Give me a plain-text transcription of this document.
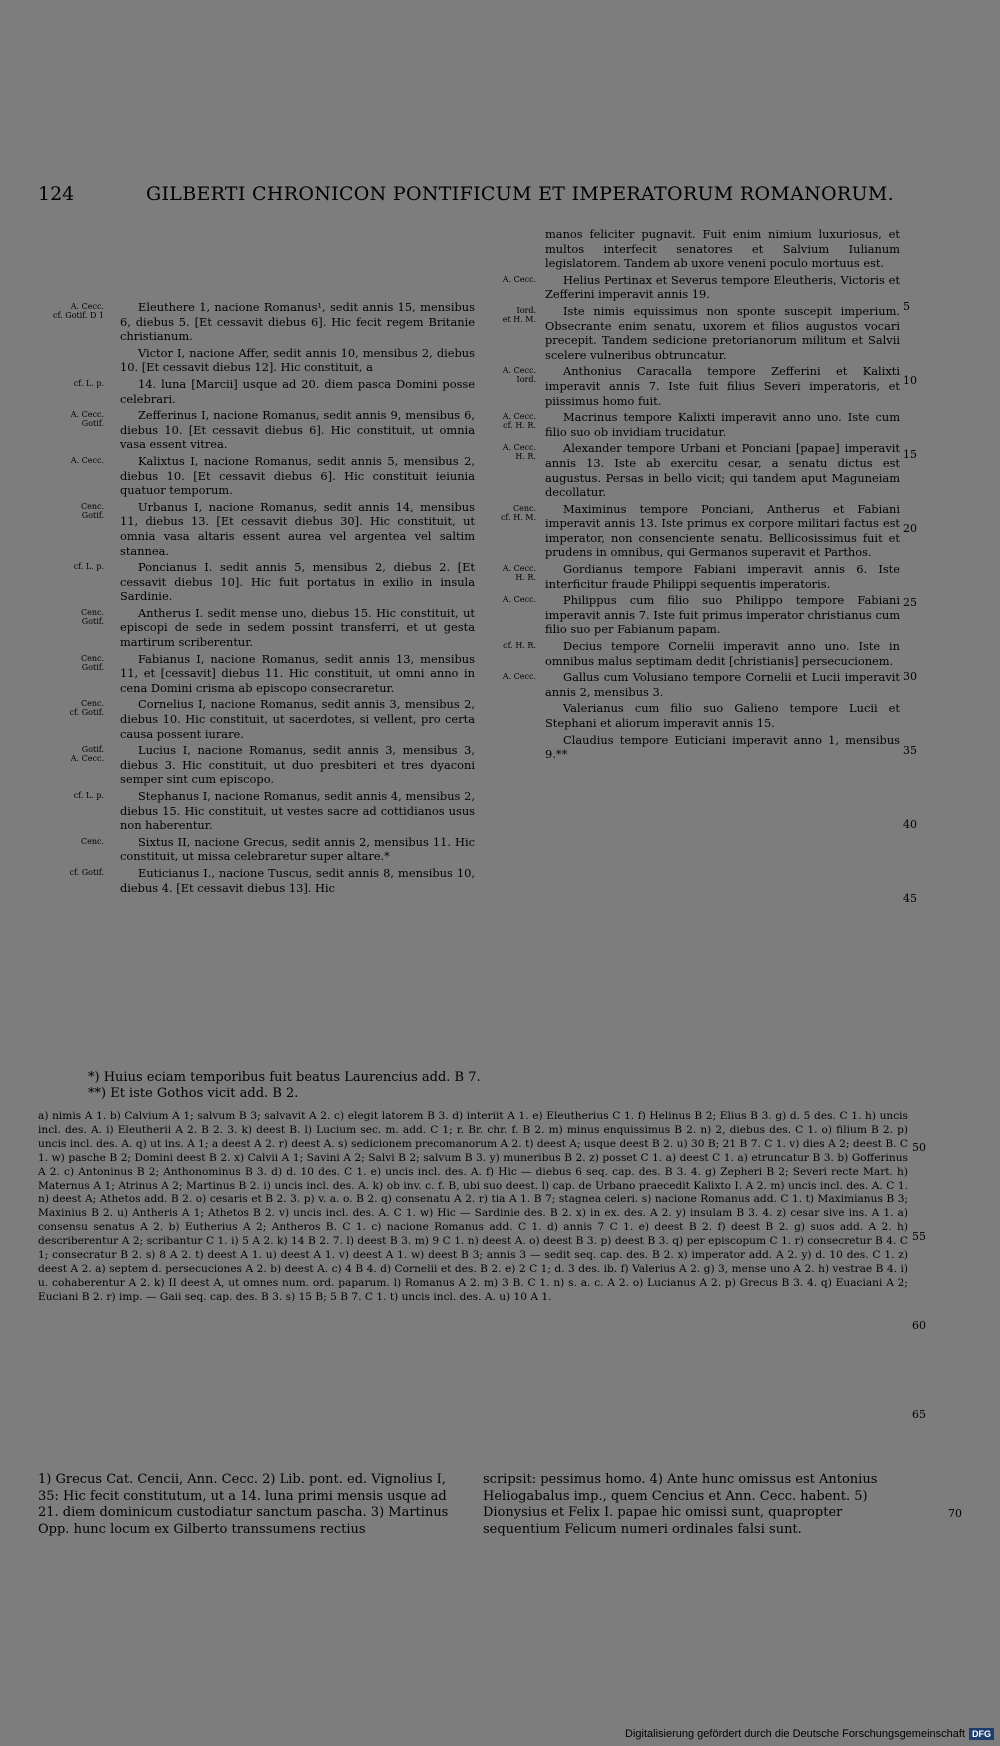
124	GILBERTI CHRONICON PONTIFICUM ET IMPERATORUM ROMANORUM.
Eleuthere 1, nacione Romanus¹, sedit annis 15, mensibus 6, diebus 5. [Et cessavit diebus 6]. Hic fecit regem Britanie christianum.
Victor I, nacione Affer, sedit annis 10, mensibus 2, diebus 10. [Et cessavit diebus 12]. Hic constituit, a
14. luna [Marcii] usque ad 20. diem pasca Domini posse celebrari.
Zefferinus I, nacione Romanus, sedit annis 9, mensibus 6, diebus 10. [Et cessavit diebus 6]. Hic constituit, ut omnia vasa essent vitrea.
Kalixtus I, nacione Romanus, sedit annis 5, mensibus 2, diebus 10. [Et cessavit diebus 6]. Hic constituit ieiunia quatuor temporum.
Urbanus I, nacione Romanus, sedit annis 14, mensibus 11, diebus 13. [Et cessavit diebus 30]. Hic constituit, ut omnia vasa altaris essent aurea vel argentea vel saltim stannea.
Poncianus I. sedit annis 5, mensibus 2, diebus 2. [Et cessavit diebus 10]. Hic fuit portatus in exilio in insula Sardinie.
Antherus I. sedit mense uno, diebus 15. Hic constituit, ut episcopi de sede in sedem possint transferri, et ut gesta martirum scriberentur.
Fabianus I, nacione Romanus, sedit annis 13, mensibus 11, et [cessavit] diebus 11. Hic constituit, ut omni anno in cena Domini crisma ab episcopo consecraretur.
Cornelius I, nacione Romanus, sedit annis 3, mensibus 2, diebus 10. Hic constituit, ut sacerdotes, si vellent, pro certa causa possent iurare.
Lucius I, nacione Romanus, sedit annis 3, mensibus 3, diebus 3. Hic constituit, ut duo presbiteri et tres dyaconi semper sint cum episcopo.
Stephanus I, nacione Romanus, sedit annis 4, mensibus 2, diebus 15. Hic constituit, ut vestes sacre ad cottidianos usus non haberentur.
Sixtus II, nacione Grecus, sedit annis 2, mensibus 11. Hic constituit, ut missa celebraretur super altare.*
Euticianus I., nacione Tuscus, sedit annis 8, mensibus 10, diebus 4. [Et cessavit diebus 13]. Hic
A. Cecc.
cf. Gotif. D 1
cf. L. p.
A. Cecc.
Gotif.
A. Cecc.
Cenc.
Gotif.
cf. L. p.
Cenc.
Gotif.
Cenc.
Gotif.
Cenc.
cf. Gotif.
Gotif.
A. Cecc.
cf. L. p.
Cenc.
cf. Gotif.
manos feliciter pugnavit. Fuit enim nimium luxuriosus, et multos interfecit senatores et Salvium Iulianum legislatorem. Tandem ab uxore veneni poculo mortuus est.
Helius Pertinax et Severus tempore Eleutheris, Victoris et Zefferini imperavit annis 19.
Iste nimis equissimus non sponte suscepit imperium. Obsecrante enim senatu, uxorem et filios augustos vocari precepit. Tandem sedicione pretorianorum militum et Salvii scelere vulneribus obtruncatur.
Anthonius Caracalla tempore Zefferini et Kalixti imperavit annis 7. Iste fuit filius Severi imperatoris, et piissimus homo fuit.
Macrinus tempore Kalixti imperavit anno uno. Iste cum filio suo ob invidiam trucidatur.
Alexander tempore Urbani et Ponciani [papae] imperavit annis 13. Iste ab exercitu cesar, a senatu dictus est augustus. Persas in bello vicit; qui tandem aput Maguneiam decollatur.
Maximinus tempore Ponciani, Antherus et Fabiani imperavit annis 13. Iste primus ex corpore militari factus est imperator, non consenciente senatu. Bellicosissimus fuit et prudens in omnibus, qui Germanos superavit et Parthos.
Gordianus tempore Fabiani imperavit annis 6. Iste interficitur fraude Philippi sequentis imperatoris.
Philippus cum filio suo Philippo tempore Fabiani imperavit annis 7. Iste fuit primus imperator christianus cum filio suo per Fabianum papam.
Decius tempore Cornelii imperavit anno uno. Iste in omnibus malus septimam dedit [christianis] persecucionem.
Gallus cum Volusiano tempore Cornelii et Lucii imperavit annis 2, mensibus 3.
Valerianus cum filio suo Galieno tempore Lucii et Stephani et aliorum imperavit annis 15.
Claudius tempore Euticiani imperavit anno 1, mensibus 9.**
A. Cecc.
Iord.
et H. M.
A. Cecc.
Iord.
A. Cecc.
cf. H. R.
A. Cecc.
H. R.
Cenc.
cf. H. M.
A. Cecc.
H. R.
A. Cecc.
cf. H. R.
A. Cecc.
5
10
15
20
25
30
35
40
45
*) Huius eciam temporibus fuit beatus Laurencius add. B 7.
**) Et iste Gothos vicit add. B 2.
a) nimis A 1. b) Calvium A 1; salvum B 3; salvavit A 2. c) elegit latorem B 3. d) interiit A 1. e) Eleutherius C 1. f) Helinus B 2; Elius B 3. g) d. 5 des. C 1. h) uncis incl. des. A. i) Eleutherii A 2. B 2. 3. k) deest B. l) Lucium sec. m. add. C 1; r. Br. chr. f. B 2. m) minus enquissimus B 2. n) 2, diebus des. C 1. o) filium B 2. p) uncis incl. des. A. q) ut ins. A 1; a deest A 2. r) deest A. s) sedicionem precomanorum A 2. t) deest A; usque deest B 2. u) 30 B; 21 B 7. C 1. v) dies A 2; deest B. C 1. w) pasche B 2; Domini deest B 2. x) Calvii A 1; Savini A 2; Salvi B 2; salvum B 3. y) muneribus B 2. z) posset C 1. a) deest C 1. a) etruncatur B 3. b) Gofferinus A 2. c) Antoninus B 2; Anthonominus B 3. d) d. 10 des. C 1. e) uncis incl. des. A. f) Hic — diebus 6 seq. cap. des. B 3. 4. g) Zepheri B 2; Severi recte Mart. h) Maternus A 1; Atrinus A 2; Martinus B 2. i) uncis incl. des. A. k) ob inv. c. f. B, ubi suo deest. l) cap. de Urbano praecedit Kalixto I. A 2. m) uncis incl. des. A. C 1. n) deest A; Athetos add. B 2. o) cesaris et B 2. 3. p) v. a. o. B 2. q) consenatu A 2. r) tia A 1. B 7; stagnea celeri. s) nacione Romanus add. C 1. t) Maximianus B 3; Maxinius B 2. u) Antheris A 1; Athetos B 2. v) uncis incl. des. A. C 1. w) Hic — Sardinie des. B 2. x) in ex. des. A 2. y) insulam B 3. 4. z) cesar sive ins. A 1. a) consensu senatus A 2. b) Eutherius A 2; Antheros B. C 1. c) nacione Romanus add. C 1. d) annis 7 C 1. e) deest B 2. f) deest B 2. g) suos add. A 2. h) describerentur A 2; scribantur C 1. i) 5 A 2. k) 14 B 2. 7. l) deest B 3. m) 9 C 1. n) deest A. o) deest B 3. p) deest B 3. q) per episcopum C 1. r) consecretur B 4. C 1; consecratur B 2. s) 8 A 2. t) deest A 1. u) deest A 1. v) deest A 1. w) deest B 3; annis 3 — sedit seq. cap. des. B 2. x) imperator add. A 2. y) d. 10 des. C 1. z) deest A 2. a) septem d. persecuciones A 2. b) deest A. c) 4 B 4. d) Cornelii et des. B 2. e) 2 C 1; d. 3 des. ib. f) Valerius A 2. g) 3, mense uno A 2. h) vestrae B 4. i) u. cohaberentur A 2. k) II deest A, ut omnes num. ord. paparum. l) Romanus A 2. m) 3 B. C 1. n) s. a. c. A 2. o) Lucianus A 2. p) Grecus B 3. 4. q) Euaciani A 2; Euciani B 2. r) imp. — Gaii seq. cap. des. B 3. s) 15 B; 5 B 7. C 1. t) uncis incl. des. A. u) 10 A 1.
50
55
60
65
1) Grecus Cat. Cencii, Ann. Cecc. 2) Lib. pont. ed. Vignolius I, 35: Hic fecit constitutum, ut a 14. luna primi mensis usque ad 21. diem dominicum custodiatur sanctum pascha. 3) Martinus Opp. hunc locum ex Gilberto transsumens rectius
scripsit: pessimus homo. 4) Ante hunc omissus est Antonius Heliogabalus imp., quem Cencius et Ann. Cecc. habent. 5) Dionysius et Felix I. papae hic omissi sunt, quapropter sequentium Felicum numeri ordinales falsi sunt.
70
Digitalisierung gefördert durch die Deutsche Forschungsgemeinschaft DFG
